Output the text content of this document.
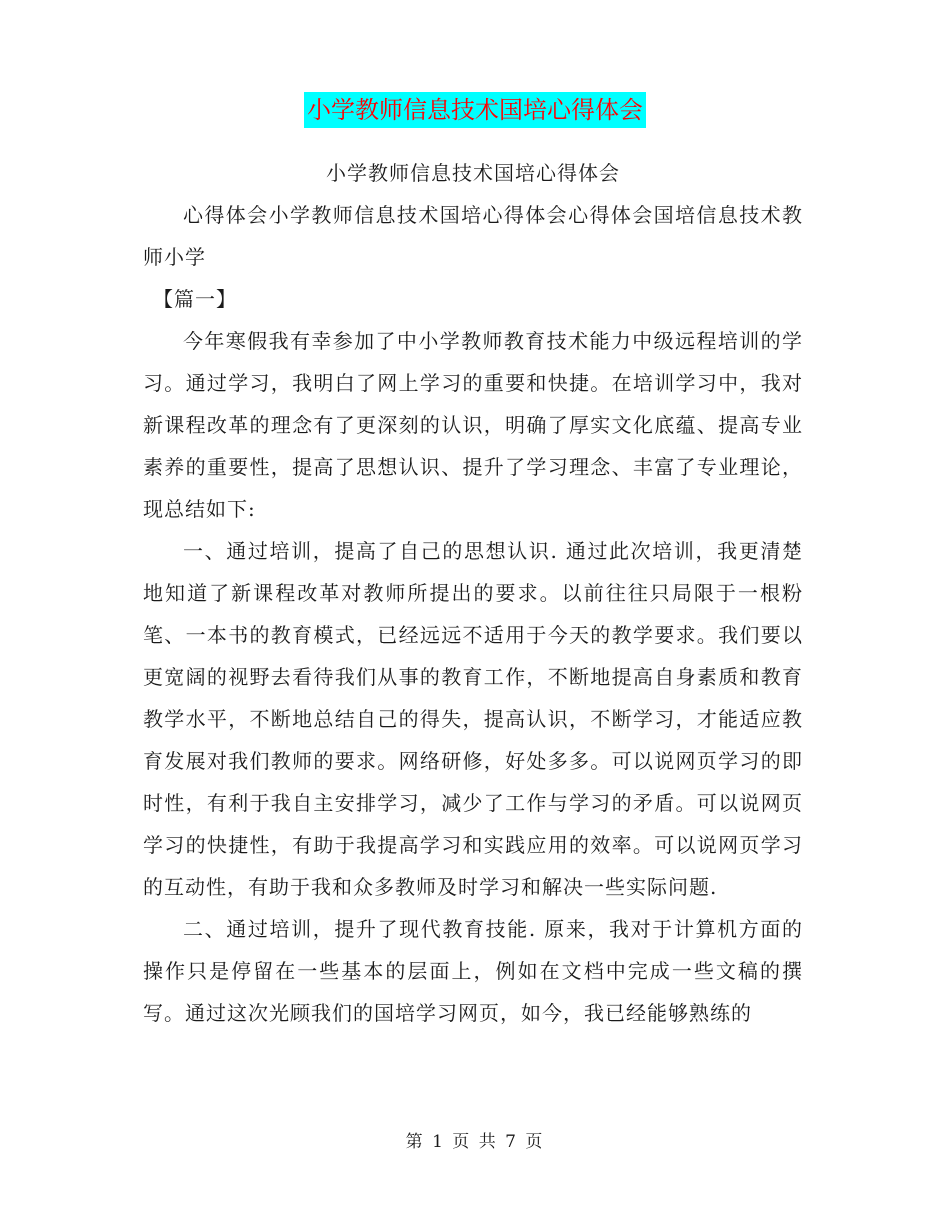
小学教师信息技术国培心得体会

小学教师信息技术国培心得体会

心得体会小学教师信息技术国培心得体会心得体会国培信息技术教师小学

【篇一】

今年寒假我有幸参加了中小学教师教育技术能力中级远程培训的学习。通过学习，我明白了网上学习的重要和快捷。在培训学习中，我对新课程改革的理念有了更深刻的认识，明确了厚实文化底蕴、提高专业素养的重要性，提高了思想认识、提升了学习理念、丰富了专业理论，现总结如下:

一、通过培训，提高了自己的思想认识. 通过此次培训，我更清楚地知道了新课程改革对教师所提出的要求。以前往往只局限于一根粉笔、一本书的教育模式，已经远远不适用于今天的教学要求。我们要以更宽阔的视野去看待我们从事的教育工作，不断地提高自身素质和教育教学水平，不断地总结自己的得失，提高认识，不断学习，才能适应教育发展对我们教师的要求。网络研修，好处多多。可以说网页学习的即时性，有利于我自主安排学习，减少了工作与学习的矛盾。可以说网页学习的快捷性，有助于我提高学习和实践应用的效率。可以说网页学习的互动性，有助于我和众多教师及时学习和解决一些实际问题.

二、通过培训，提升了现代教育技能. 原来，我对于计算机方面的操作只是停留在一些基本的层面上，例如在文档中完成一些文稿的撰写。通过这次光顾我们的国培学习网页，如今，我已经能够熟练的

第 1 页 共 7 页
